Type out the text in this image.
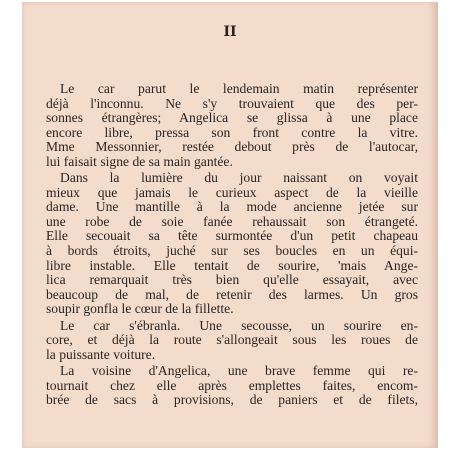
II

Le car parut le lendemain matin représenter
déjà l'inconnu. Ne s'y trouvaient que des per-
sonnes étrangères; Angelica se glissa à une place
encore libre, pressa son front contre la vitre.
Mme Messonnier, restée debout près de l'autocar,
lui faisait signe de sa main gantée.

Dans la lumière du jour naissant on voyait
mieux que jamais le curieux aspect de la vieille
dame. Une mantille à la mode ancienne jetée sur
une robe de soie fanée rehaussait son étrangeté.
Elle secouait sa tête surmontée d'un petit chapeau
à bords étroits, juché sur ses boucles en un équi-
libre instable. Elle tentait de sourire, 'mais Ange-
lica remarquait très bien qu'elle essayait, avec
beaucoup de mal, de retenir des larmes. Un gros
soupir gonfla le cœur de la fillette.

Le car s'ébranla. Une secousse, un sourire en-
core, et déjà la route s'allongeait sous les roues de
la puissante voiture.

La voisine d'Angelica, une brave femme qui re-
tournait chez elle après emplettes faites, encom-
brée de sacs à provisions, de paniers et de filets,
